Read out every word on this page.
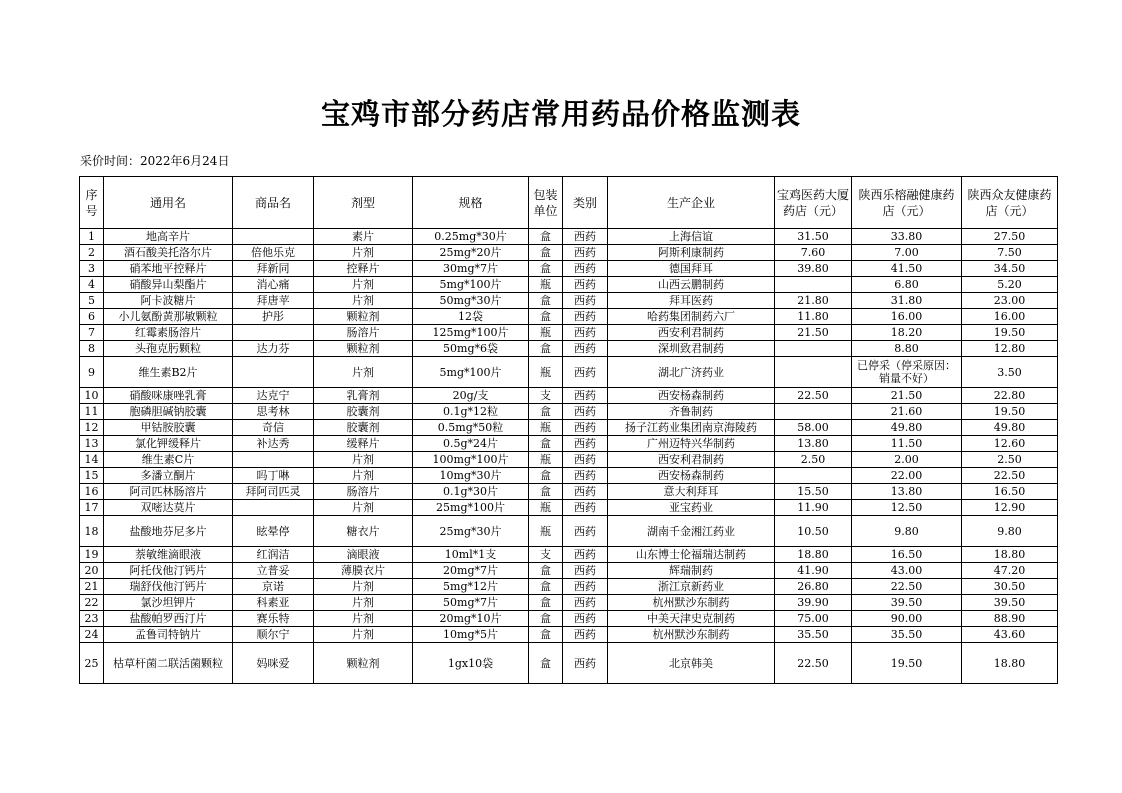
宝鸡市部分药店常用药品价格监测表
采价时间：2022年6月24日
序号	通用名	商品名	剂型	规格	包装单位	类别	生产企业	宝鸡医药大厦药店（元）	陕西乐榕融健康药店（元）	陕西众友健康药店（元）
1	地高辛片		素片	0.25mg*30片	盒	西药	上海信谊	31.50	33.80	27.50
2	酒石酸美托洛尔片	倍他乐克	片剂	25mg*20片	盒	西药	阿斯利康制药	7.60	7.00	7.50
3	硝苯地平控释片	拜新同	控释片	30mg*7片	盒	西药	德国拜耳	39.80	41.50	34.50
4	硝酸异山梨酯片	消心痛	片剂	5mg*100片	瓶	西药	山西云鹏制药		6.80	5.20
5	阿卡波糖片	拜唐苹	片剂	50mg*30片	盒	西药	拜耳医药	21.80	31.80	23.00
6	小儿氨酚黄那敏颗粒	护彤	颗粒剂	12袋	盒	西药	哈药集团制药六厂	11.80	16.00	16.00
7	红霉素肠溶片		肠溶片	125mg*100片	瓶	西药	西安利君制药	21.50	18.20	19.50
8	头孢克肟颗粒	达力芬	颗粒剂	50mg*6袋	盒	西药	深圳致君制药		8.80	12.80
9	维生素B2片		片剂	5mg*100片	瓶	西药	湖北广济药业		已停采（停采原因：销量不好）	3.50
10	硝酸咪康唑乳膏	达克宁	乳膏剂	20g/支	支	西药	西安杨森制药	22.50	21.50	22.80
11	胞磷胆碱钠胶囊	思考林	胶囊剂	0.1g*12粒	盒	西药	齐鲁制药		21.60	19.50
12	甲钴胺胶囊	奇信	胶囊剂	0.5mg*50粒	瓶	西药	扬子江药业集团南京海陵药	58.00	49.80	49.80
13	氯化钾缓释片	补达秀	缓释片	0.5g*24片	盒	西药	广州迈特兴华制药	13.80	11.50	12.60
14	维生素C片		片剂	100mg*100片	瓶	西药	西安利君制药	2.50	2.00	2.50
15	多潘立酮片	吗丁啉	片剂	10mg*30片	盒	西药	西安杨森制药		22.00	22.50
16	阿司匹林肠溶片	拜阿司匹灵	肠溶片	0.1g*30片	盒	西药	意大利拜耳	15.50	13.80	16.50
17	双嘧达莫片		片剂	25mg*100片	瓶	西药	亚宝药业	11.90	12.50	12.90
18	盐酸地芬尼多片	眩晕停	糖衣片	25mg*30片	瓶	西药	湖南千金湘江药业	10.50	9.80	9.80
19	萘敏维滴眼液	红润洁	滴眼液	10ml*1支	支	西药	山东博士伦福瑞达制药	18.80	16.50	18.80
20	阿托伐他汀钙片	立普妥	薄膜衣片	20mg*7片	盒	西药	辉瑞制药	41.90	43.00	47.20
21	瑞舒伐他汀钙片	京诺	片剂	5mg*12片	盒	西药	浙江京新药业	26.80	22.50	30.50
22	氯沙坦钾片	科素亚	片剂	50mg*7片	盒	西药	杭州默沙东制药	39.90	39.50	39.50
23	盐酸帕罗西汀片	赛乐特	片剂	20mg*10片	盒	西药	中美天津史克制药	75.00	90.00	88.90
24	孟鲁司特钠片	顺尔宁	片剂	10mg*5片	盒	西药	杭州默沙东制药	35.50	35.50	43.60
25	枯草杆菌二联活菌颗粒	妈咪爱	颗粒剂	1gx10袋	盒	西药	北京韩美	22.50	19.50	18.80
